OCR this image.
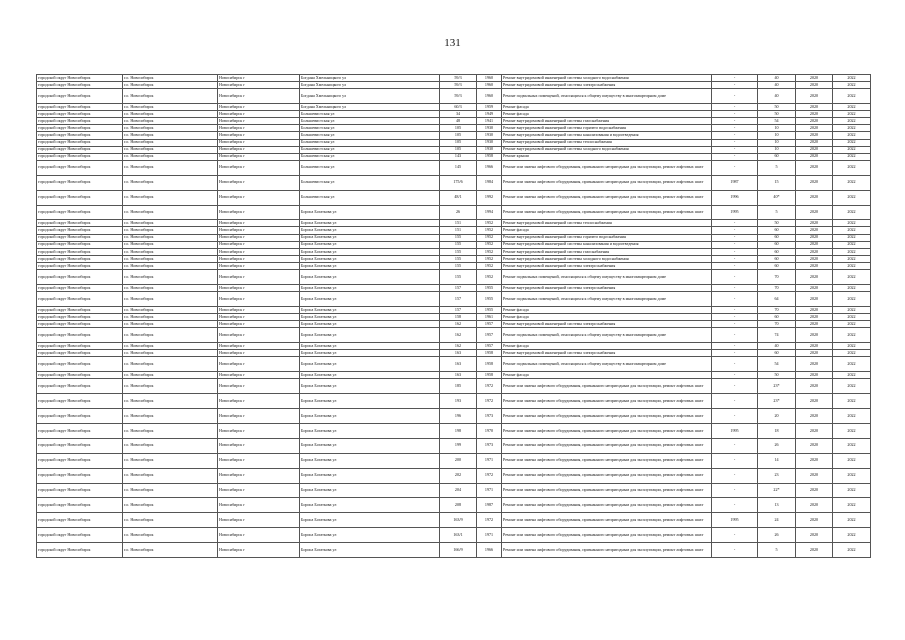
131
городской округ Новосибирск	г.о. Новосибирск	Новосибирск г	Богдана Хмельницкого ул	59/3	1960	Ремонт внутридомовой инженерной системы холодного водоснабжения	-	40	2020	2022
городской округ Новосибирск	г.о. Новосибирск	Новосибирск г	Богдана Хмельницкого ул	59/3	1960	Ремонт внутридомовой инженерной системы электроснабжения	-	40	2020	2022
городской округ Новосибирск	г.о. Новосибирск	Новосибирск г	Богдана Хмельницкого ул	59/3	1960	Ремонт подвальных помещений, относящихся к общему имуществу в многоквартирном доме	-	40	2020	2022
городской округ Новосибирск	г.о. Новосибирск	Новосибирск г	Богдана Хмельницкого ул	60/3	1959	Ремонт фасада	-	50	2020	2022
городской округ Новосибирск	г.о. Новосибирск	Новосибирск г	Большевистская ул	34	1949	Ремонт фасада	-	50	2020	2022
городской округ Новосибирск	г.о. Новосибирск	Новосибирск г	Большевистская ул	48	1941	Ремонт внутридомовой инженерной системы газоснабжения	-	54	2020	2022
городской округ Новосибирск	г.о. Новосибирск	Новосибирск г	Большевистская ул	105	1930	Ремонт внутридомовой инженерной системы горячего водоснабжения	-	10	2020	2022
городской округ Новосибирск	г.о. Новосибирск	Новосибирск г	Большевистская ул	105	1930	Ремонт внутридомовой инженерной системы канализования и водоотведения	-	10	2020	2022
городской округ Новосибирск	г.о. Новосибирск	Новосибирск г	Большевистская ул	105	1930	Ремонт внутридомовой инженерной системы теплоснабжения	-	10	2020	2022
городской округ Новосибирск	г.о. Новосибирск	Новосибирск г	Большевистская ул	105	1930	Ремонт внутридомовой инженерной системы холодного водоснабжения	-	10	2020	2022
городской округ Новосибирск	г.о. Новосибирск	Новосибирск г	Большевистская ул	143	1958	Ремонт крыши	-	60	2020	2022
городской округ Новосибирск	г.о. Новосибирск	Новосибирск г	Большевистская ул	145	1966	Ремонт или замена лифтового оборудования, признанного непригодным для эксплуатации, ремонт лифтовых шахт	-	5	2020	2022
городской округ Новосибирск	г.о. Новосибирск	Новосибирск г	Большевистская ул	175/6	1984	Ремонт или замена лифтового оборудования, признанного непригодным для эксплуатации, ремонт лифтовых шахт	1987	15	2020	2022
городской округ Новосибирск	г.о. Новосибирск	Новосибирск г	Большевистская ул	48/1	1992	Ремонт или замена лифтового оборудования, признанного непригодным для эксплуатации, ремонт лифтовых шахт	1996	40*	2020	2022
городской округ Новосибирск	г.о. Новосибирск	Новосибирск г	Бориса Богаткова ул	26	1994	Ремонт или замена лифтового оборудования, признанного непригодным для эксплуатации, ремонт лифтовых шахт	1995	5	2020	2022
городской округ Новосибирск	г.о. Новосибирск	Новосибирск г	Бориса Богаткова ул	151	1952	Ремонт внутридомовой инженерной системы теплоснабжения	-	50	2020	2022
городской округ Новосибирск	г.о. Новосибирск	Новосибирск г	Бориса Богаткова ул	151	1952	Ремонт фасада	-	60	2020	2022
городской округ Новосибирск	г.о. Новосибирск	Новосибирск г	Бориса Богаткова ул	155	1952	Ремонт внутридомовой инженерной системы горячего водоснабжения	-	60	2020	2022
городской округ Новосибирск	г.о. Новосибирск	Новосибирск г	Бориса Богаткова ул	155	1952	Ремонт внутридомовой инженерной системы канализования и водоотведения	-	60	2020	2022
городской округ Новосибирск	г.о. Новосибирск	Новосибирск г	Бориса Богаткова ул	155	1952	Ремонт внутридомовой инженерной системы газоснабжения	-	60	2020	2022
городской округ Новосибирск	г.о. Новосибирск	Новосибирск г	Бориса Богаткова ул	155	1952	Ремонт внутридомовой инженерной системы холодного водоснабжения	-	60	2020	2022
городской округ Новосибирск	г.о. Новосибирск	Новосибирск г	Бориса Богаткова ул	155	1952	Ремонт внутридомовой инженерной системы электроснабжения	-	60	2020	2022
городской округ Новосибирск	г.о. Новосибирск	Новосибирск г	Бориса Богаткова ул	155	1952	Ремонт подвальных помещений, относящихся к общему имуществу в многоквартирном доме	-	70	2020	2022
городской округ Новосибирск	г.о. Новосибирск	Новосибирск г	Бориса Богаткова ул	157	1955	Ремонт внутридомовой инженерной системы электроснабжения	-	70	2020	2022
городской округ Новосибирск	г.о. Новосибирск	Новосибирск г	Бориса Богаткова ул	157	1955	Ремонт подвальных помещений, относящихся к общему имуществу в многоквартирном доме	-	64	2020	2022
городской округ Новосибирск	г.о. Новосибирск	Новосибирск г	Бориса Богаткова ул	157	1955	Ремонт фасада	-	70	2020	2022
городской округ Новосибирск	г.о. Новосибирск	Новосибирск г	Бориса Богаткова ул	158	1961	Ремонт фасада	-	60	2020	2022
городской округ Новосибирск	г.о. Новосибирск	Новосибирск г	Бориса Богаткова ул	162	1957	Ремонт внутридомовой инженерной системы электроснабжения	-	70	2020	2022
городской округ Новосибирск	г.о. Новосибирск	Новосибирск г	Бориса Богаткова ул	162	1957	Ремонт подвальных помещений, относящихся к общему имуществу в многоквартирном доме	-	74	2020	2022
городской округ Новосибирск	г.о. Новосибирск	Новосибирск г	Бориса Богаткова ул	162	1957	Ремонт фасада	-	40	2020	2022
городской округ Новосибирск	г.о. Новосибирск	Новосибирск г	Бориса Богаткова ул	163	1958	Ремонт внутридомовой инженерной системы электроснабжения	-	60	2020	2022
городской округ Новосибирск	г.о. Новосибирск	Новосибирск г	Бориса Богаткова ул	163	1958	Ремонт подвальных помещений, относящихся к общему имуществу в многоквартирном доме	-	54	2020	2022
городской округ Новосибирск	г.о. Новосибирск	Новосибирск г	Бориса Богаткова ул	163	1958	Ремонт фасада	-	50	2020	2022
городской округ Новосибирск	г.о. Новосибирск	Новосибирск г	Бориса Богаткова ул	185	1972	Ремонт или замена лифтового оборудования, признанного непригодным для эксплуатации, ремонт лифтовых шахт	-	23*	2020	2022
городской округ Новосибирск	г.о. Новосибирск	Новосибирск г	Бориса Богаткова ул	193	1972	Ремонт или замена лифтового оборудования, признанного непригодным для эксплуатации, ремонт лифтовых шахт	-	23*	2020	2022
городской округ Новосибирск	г.о. Новосибирск	Новосибирск г	Бориса Богаткова ул	196	1973	Ремонт или замена лифтового оборудования, признанного непригодным для эксплуатации, ремонт лифтовых шахт	-	20	2020	2022
городской округ Новосибирск	г.о. Новосибирск	Новосибирск г	Бориса Богаткова ул	198	1970	Ремонт или замена лифтового оборудования, признанного непригодным для эксплуатации, ремонт лифтовых шахт	1995	18	2020	2022
городской округ Новосибирск	г.о. Новосибирск	Новосибирск г	Бориса Богаткова ул	199	1973	Ремонт или замена лифтового оборудования, признанного непригодным для эксплуатации, ремонт лифтовых шахт	-	26	2020	2022
городской округ Новосибирск	г.о. Новосибирск	Новосибирск г	Бориса Богаткова ул	200	1971	Ремонт или замена лифтового оборудования, признанного непригодным для эксплуатации, ремонт лифтовых шахт	-	14	2020	2022
городской округ Новосибирск	г.о. Новосибирск	Новосибирск г	Бориса Богаткова ул	202	1972	Ремонт или замена лифтового оборудования, признанного непригодным для эксплуатации, ремонт лифтовых шахт	-	23	2020	2022
городской округ Новосибирск	г.о. Новосибирск	Новосибирск г	Бориса Богаткова ул	204	1971	Ремонт или замена лифтового оборудования, признанного непригодным для эксплуатации, ремонт лифтовых шахт	-	22*	2020	2022
городской округ Новосибирск	г.о. Новосибирск	Новосибирск г	Бориса Богаткова ул	208	1987	Ремонт или замена лифтового оборудования, признанного непригодным для эксплуатации, ремонт лифтовых шахт	-	13	2020	2022
городской округ Новосибирск	г.о. Новосибирск	Новосибирск г	Бориса Богаткова ул	163/9	1972	Ремонт или замена лифтового оборудования, признанного непригодным для эксплуатации, ремонт лифтовых шахт	1995	24	2020	2022
городской округ Новосибирск	г.о. Новосибирск	Новосибирск г	Бориса Богаткова ул	163/1	1971	Ремонт или замена лифтового оборудования, признанного непригодным для эксплуатации, ремонт лифтовых шахт	-	26	2020	2022
городской округ Новосибирск	г.о. Новосибирск	Новосибирск г	Бориса Богаткова ул	166/9	1966	Ремонт или замена лифтового оборудования, признанного непригодным для эксплуатации, ремонт лифтовых шахт	-	5	2020	2022
